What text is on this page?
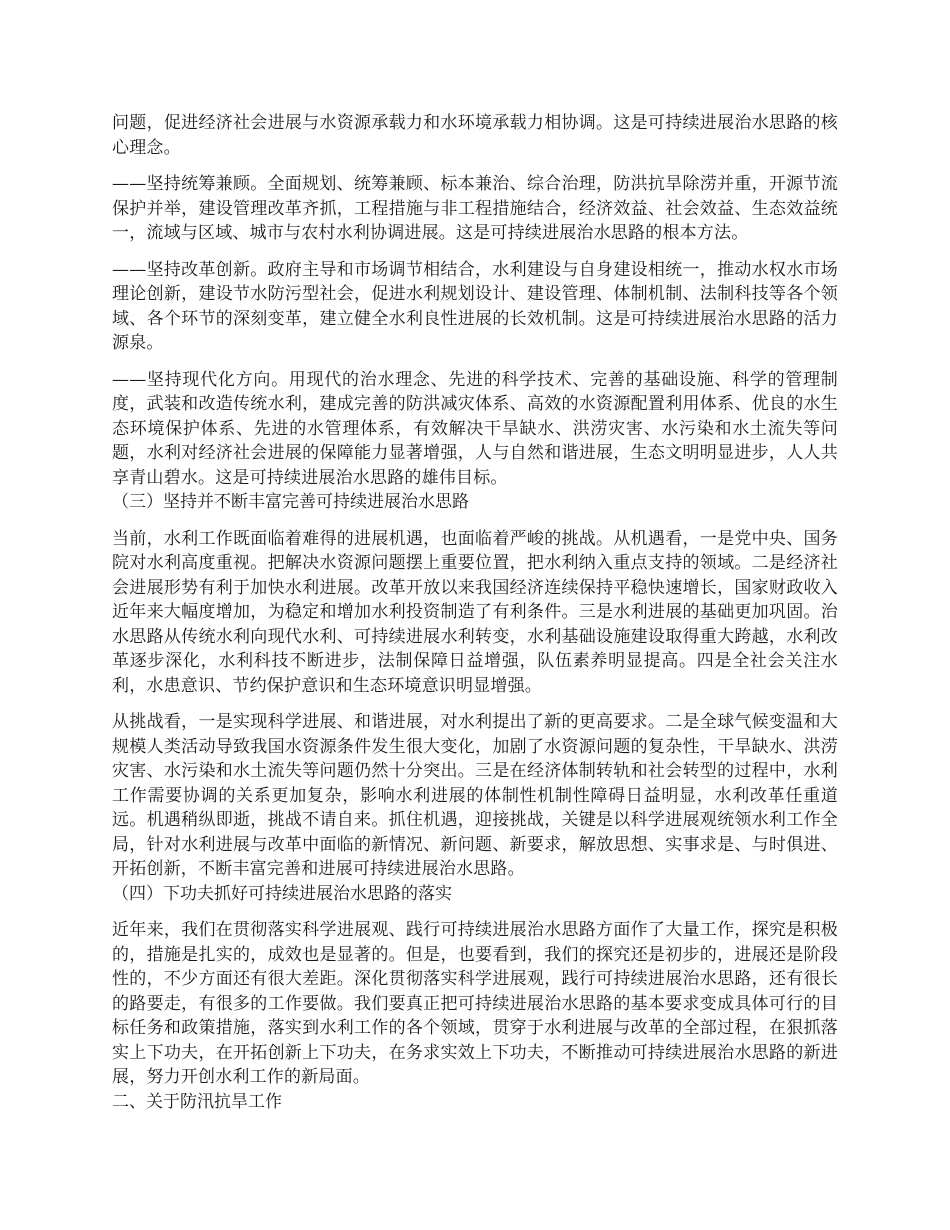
问题，促进经济社会进展与水资源承载力和水环境承载力相协调。这是可持续进展治水思路的核心理念。

——坚持统筹兼顾。全面规划、统筹兼顾、标本兼治、综合治理，防洪抗旱除涝并重，开源节流保护并举，建设管理改革齐抓，工程措施与非工程措施结合，经济效益、社会效益、生态效益统一，流域与区域、城市与农村水利协调进展。这是可持续进展治水思路的根本方法。

——坚持改革创新。政府主导和市场调节相结合，水利建设与自身建设相统一，推动水权水市场理论创新，建设节水防污型社会，促进水利规划设计、建设管理、体制机制、法制科技等各个领域、各个环节的深刻变革，建立健全水利良性进展的长效机制。这是可持续进展治水思路的活力源泉。

——坚持现代化方向。用现代的治水理念、先进的科学技术、完善的基础设施、科学的管理制度，武装和改造传统水利，建成完善的防洪减灾体系、高效的水资源配置利用体系、优良的水生态环境保护体系、先进的水管理体系，有效解决干旱缺水、洪涝灾害、水污染和水土流失等问题，水利对经济社会进展的保障能力显著增强，人与自然和谐进展，生态文明明显进步，人人共享青山碧水。这是可持续进展治水思路的雄伟目标。

（三）坚持并不断丰富完善可持续进展治水思路

当前，水利工作既面临着难得的进展机遇，也面临着严峻的挑战。从机遇看，一是党中央、国务院对水利高度重视。把解决水资源问题摆上重要位置，把水利纳入重点支持的领域。二是经济社会进展形势有利于加快水利进展。改革开放以来我国经济连续保持平稳快速增长，国家财政收入近年来大幅度增加，为稳定和增加水利投资制造了有利条件。三是水利进展的基础更加巩固。治水思路从传统水利向现代水利、可持续进展水利转变，水利基础设施建设取得重大跨越，水利改革逐步深化，水利科技不断进步，法制保障日益增强，队伍素养明显提高。四是全社会关注水利，水患意识、节约保护意识和生态环境意识明显增强。

从挑战看，一是实现科学进展、和谐进展，对水利提出了新的更高要求。二是全球气候变温和大规模人类活动导致我国水资源条件发生很大变化，加剧了水资源问题的复杂性，干旱缺水、洪涝灾害、水污染和水土流失等问题仍然十分突出。三是在经济体制转轨和社会转型的过程中，水利工作需要协调的关系更加复杂，影响水利进展的体制性机制性障碍日益明显，水利改革任重道远。机遇稍纵即逝，挑战不请自来。抓住机遇，迎接挑战，关键是以科学进展观统领水利工作全局，针对水利进展与改革中面临的新情况、新问题、新要求，解放思想、实事求是、与时俱进、开拓创新，不断丰富完善和进展可持续进展治水思路。

（四）下功夫抓好可持续进展治水思路的落实

近年来，我们在贯彻落实科学进展观、践行可持续进展治水思路方面作了大量工作，探究是积极的，措施是扎实的，成效也是显著的。但是，也要看到，我们的探究还是初步的，进展还是阶段性的，不少方面还有很大差距。深化贯彻落实科学进展观，践行可持续进展治水思路，还有很长的路要走，有很多的工作要做。我们要真正把可持续进展治水思路的基本要求变成具体可行的目标任务和政策措施，落实到水利工作的各个领域，贯穿于水利进展与改革的全部过程，在狠抓落实上下功夫，在开拓创新上下功夫，在务求实效上下功夫，不断推动可持续进展治水思路的新进展，努力开创水利工作的新局面。

二、关于防汛抗旱工作
